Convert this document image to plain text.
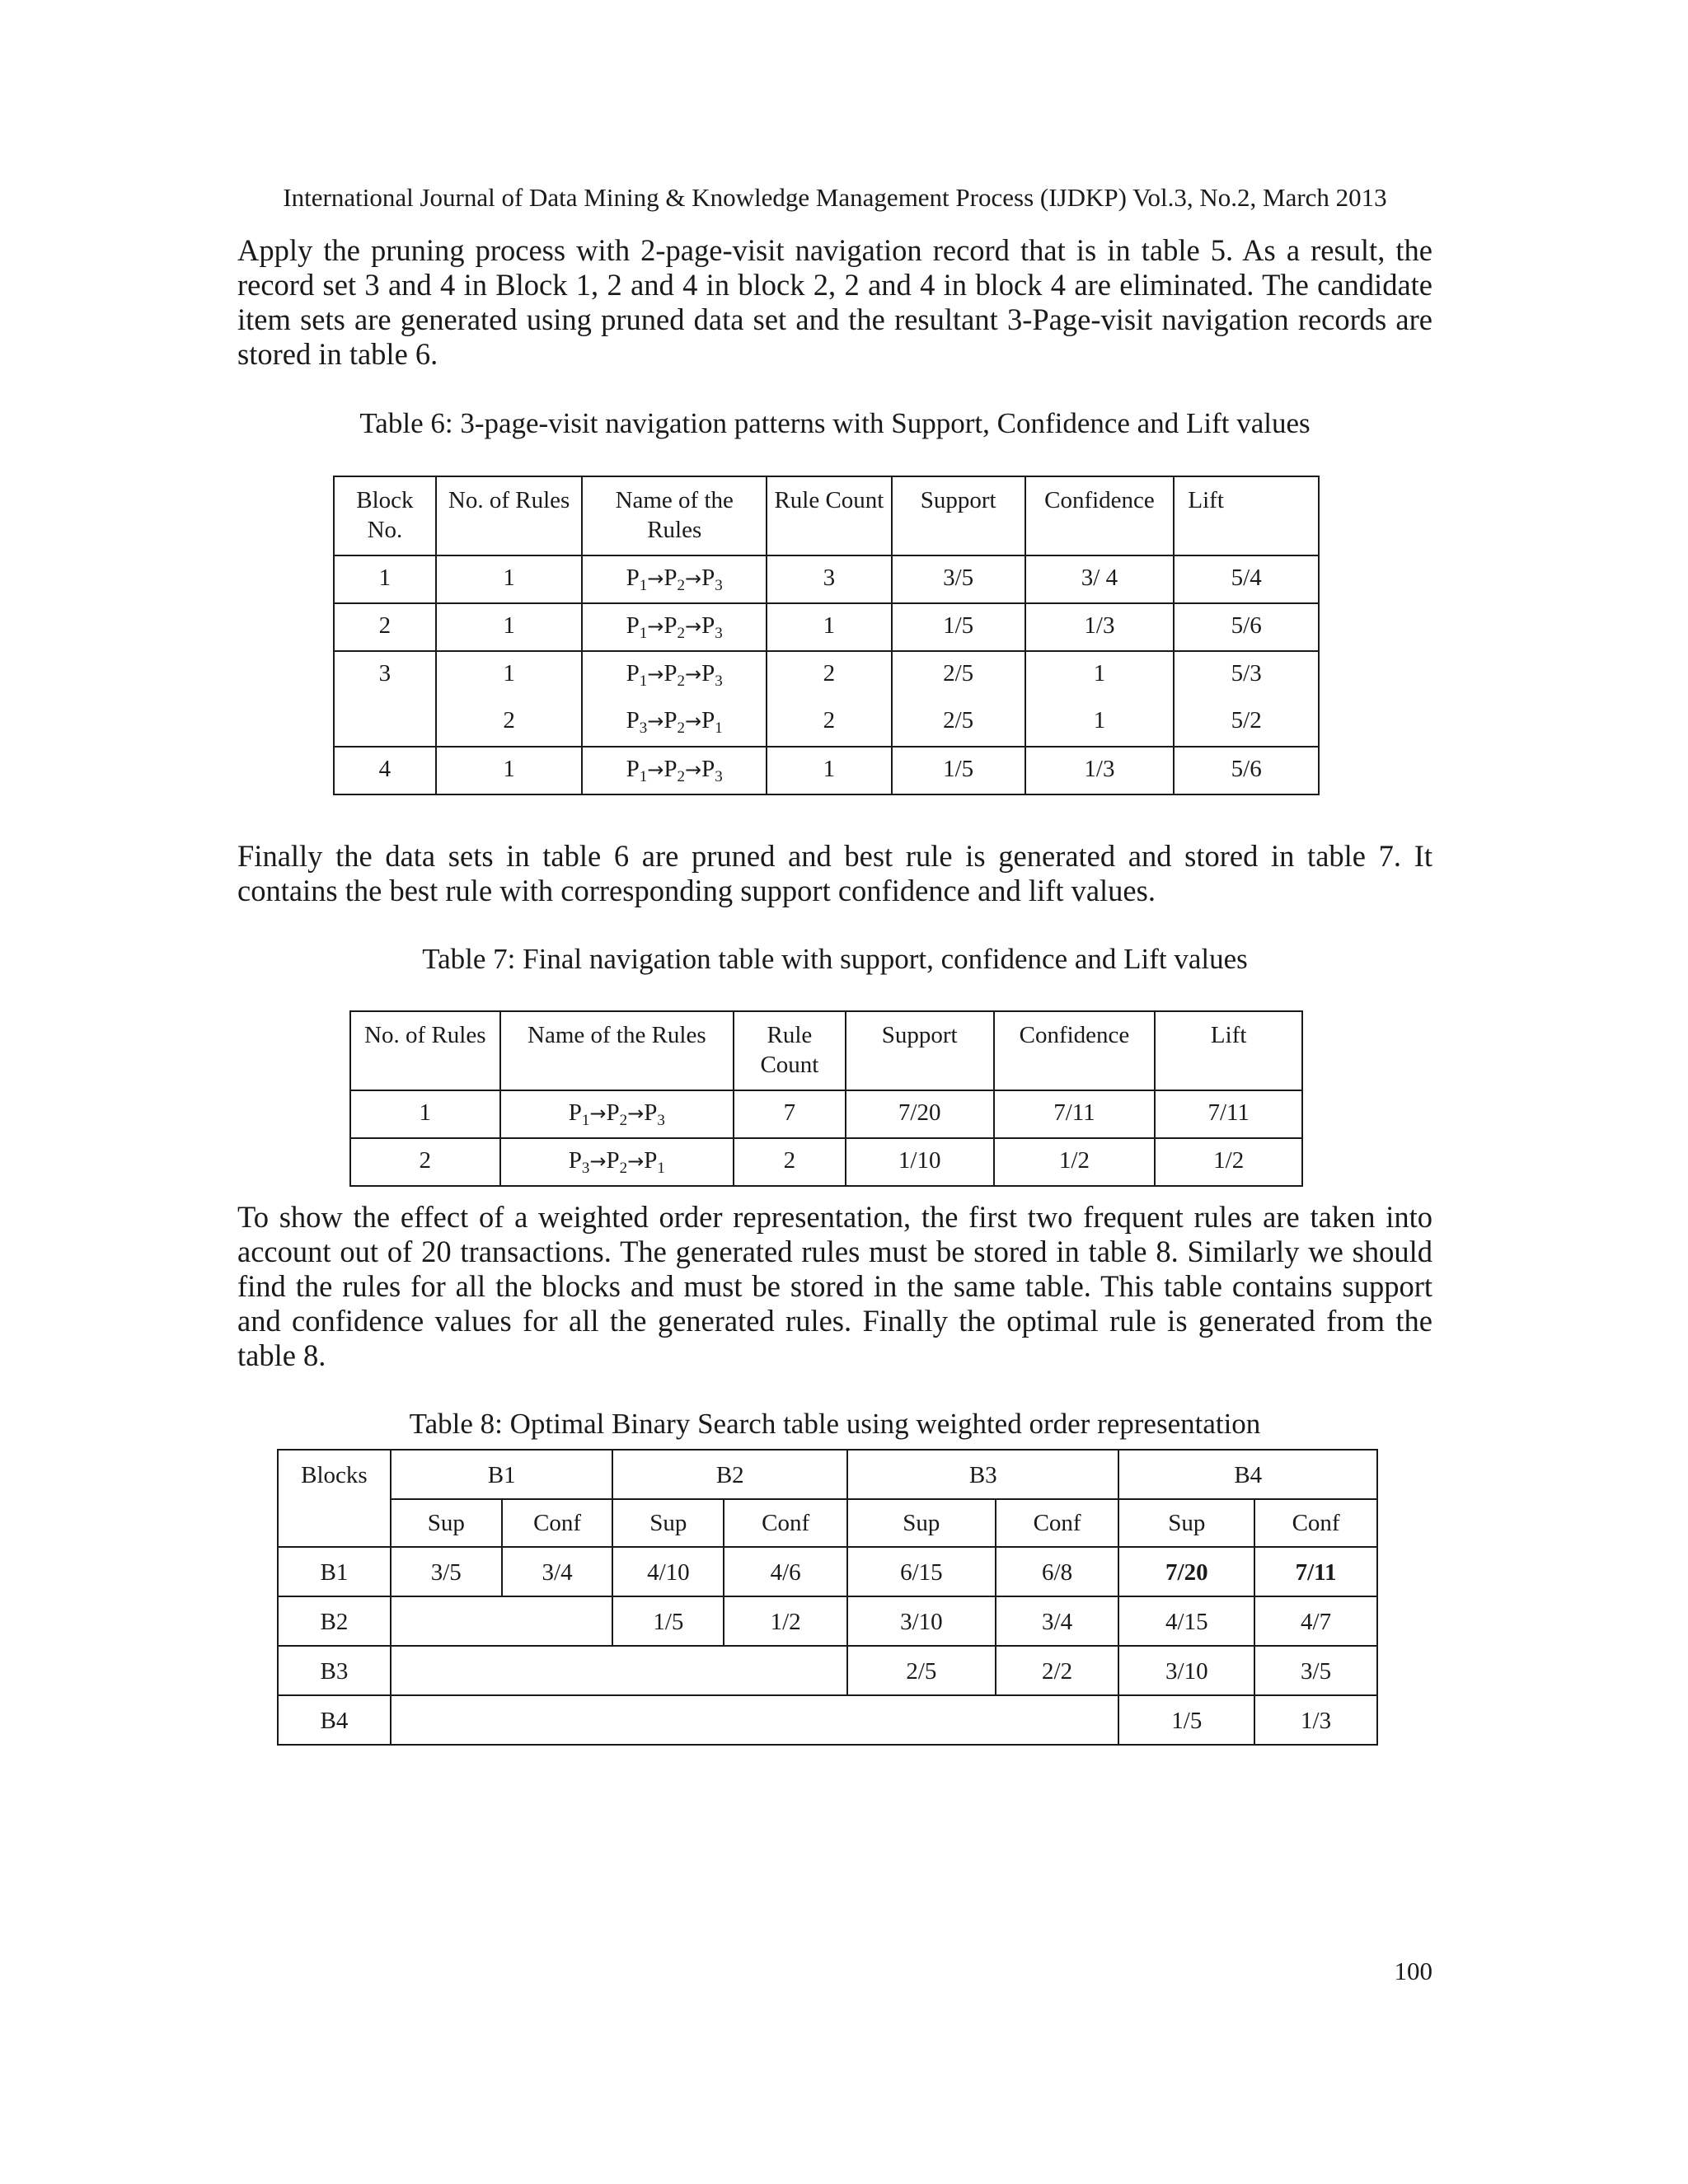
International Journal of Data Mining & Knowledge Management Process (IJDKP) Vol.3, No.2, March 2013

Apply the pruning process with 2-page-visit navigation record that is in table 5. As a result, the record set 3 and 4 in Block 1, 2 and 4 in block 2, 2 and 4 in block 4 are eliminated. The candidate item sets are generated using pruned data set and the resultant 3-Page-visit navigation records are stored in table 6.

Table 6: 3-page-visit navigation patterns with Support, Confidence and Lift values
Block No.	No. of Rules	Name of the Rules	Rule Count	Support	Confidence	Lift
1	1	$P_1\to P_2\to P_3$	3	3/5	3/ 4	5/4
2	1	$P_1\to P_2\to P_3$	1	1/5	1/3	5/6
3	1	$P_1\to P_2\to P_3$	2	2/5	1	5/3
	2	$P_3\to P_2\to P_1$	2	2/5	1	5/2
4	1	$P_1\to P_2\to P_3$	1	1/5	1/3	5/6

Finally the data sets in table 6 are pruned and best rule is generated and stored in table 7. It contains the best rule with corresponding support confidence and lift values.

Table 7: Final navigation table with support, confidence and Lift values
No. of Rules	Name of the Rules	Rule Count	Support	Confidence	Lift
1	$P_1\to P_2\to P_3$	7	7/20	7/11	7/11
2	$P_3\to P_2\to P_1$	2	1/10	1/2	1/2

To show the effect of a weighted order representation, the first two frequent rules are taken into account out of 20 transactions. The generated rules must be stored in table 8. Similarly we should find the rules for all the blocks and must be stored in the same table. This table contains support and confidence values for all the generated rules. Finally the optimal rule is generated from the table 8.

Table 8: Optimal Binary Search table using weighted order representation
Blocks	B1		B2		B3		B4	
	Sup	Conf	Sup	Conf	Sup	Conf	Sup	Conf
B1	3/5	3/4	4/10	4/6	6/15	6/8	7/20	7/11
B2			1/5	1/2	3/10	3/4	4/15	4/7
B3					2/5	2/2	3/10	3/5
B4							1/5	1/3
100
